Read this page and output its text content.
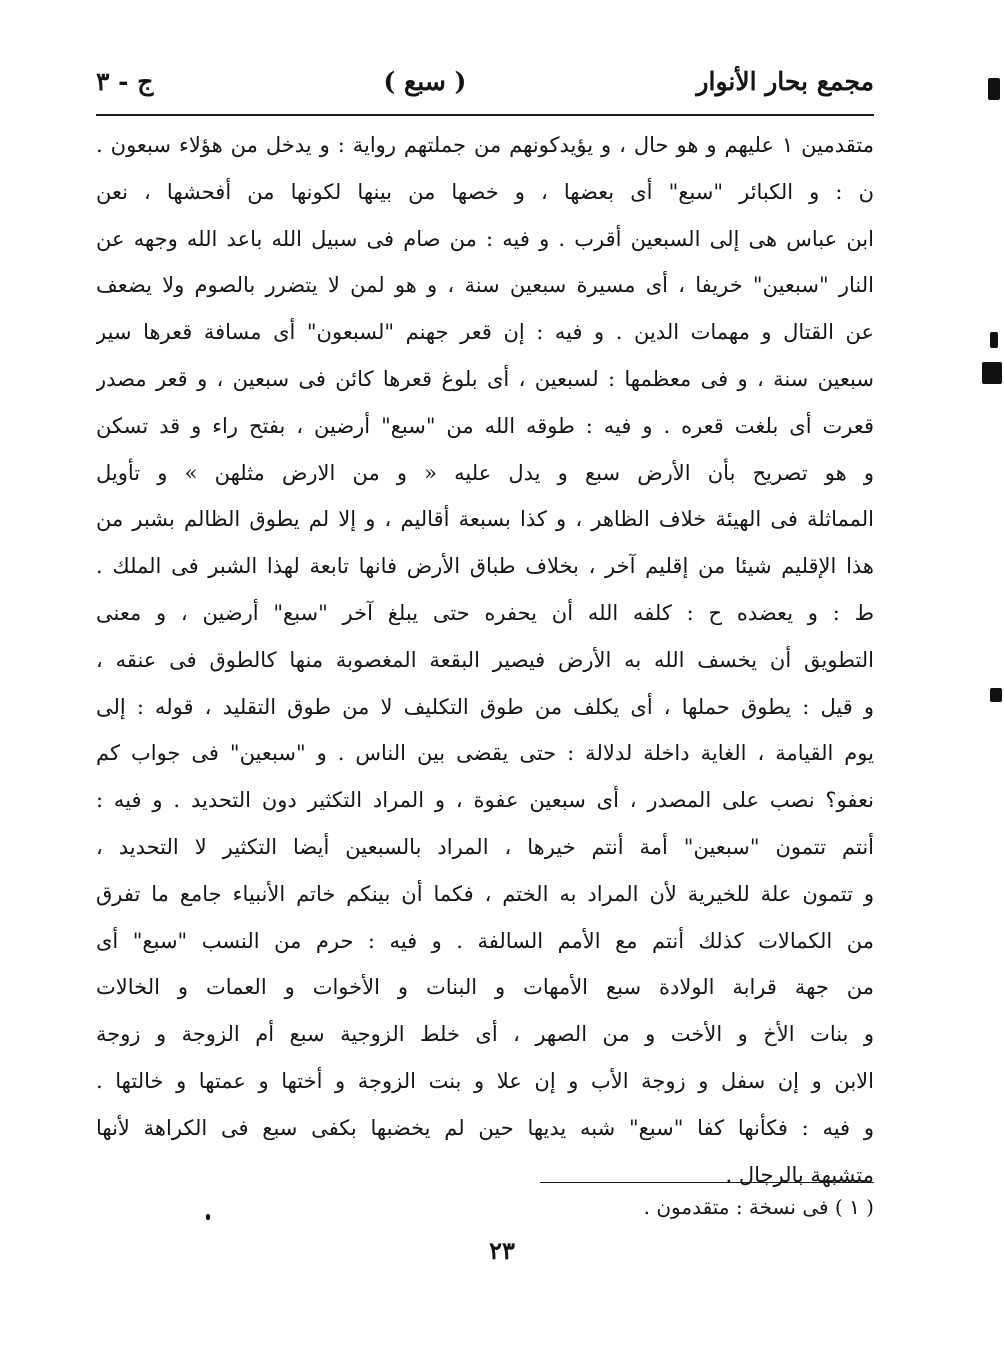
مجمع بحار الأنوار
( سبع )
ج - ٣
متقدمين ١ عليهم و هو حال ، و يؤيدكونهم من جملتهم رواية : و يدخل من هؤلاء سبعون .
ن : و الكبائر "سبع" أى بعضها ، و خصها من بينها لكونها من أفحشها ، نعن
ابن عباس هى إلى السبعين أقرب . و فيه : من صام فى سبيل الله باعد الله وجهه عن
النار "سبعين" خريفا ، أى مسيرة سبعين سنة ، و هو لمن لا يتضرر بالصوم ولا يضعف
عن القتال و مهمات الدين . و فيه : إن قعر جهنم "لسبعون" أى مسافة قعرها سير
سبعين سنة ، و فى معظمها : لسبعين ، أى بلوغ قعرها كائن فى سبعين ، و قعر مصدر
قعرت أى بلغت قعره . و فيه : طوقه الله من "سبع" أرضين ، بفتح راء و قد تسكن
و هو تصريح بأن الأرض سبع و يدل عليه « و من الارض مثلهن » و تأويل
المماثلة فى الهيئة خلاف الظاهر ، و كذا بسبعة أقاليم ، و إلا لم يطوق الظالم بشبر من
هذا الإقليم شيئا من إقليم آخر ، بخلاف طباق الأرض فانها تابعة لهذا الشبر فى الملك .
ط : و يعضده ح : كلفه الله أن يحفره حتى يبلغ آخر "سبع" أرضين ، و معنى
التطويق أن يخسف الله به الأرض فيصير البقعة المغصوبة منها كالطوق فى عنقه ،
و قيل : يطوق حملها ، أى يكلف من طوق التكليف لا من طوق التقليد ، قوله : إلى
يوم القيامة ، الغاية داخلة لدلالة : حتى يقضى بين الناس . و "سبعين" فى جواب كم
نعفو؟ نصب على المصدر ، أى سبعين عفوة ، و المراد التكثير دون التحديد . و فيه :
أنتم تتمون "سبعين" أمة أنتم خيرها ، المراد بالسبعين أيضا التكثير لا التحديد ،
و تتمون علة للخيرية لأن المراد به الختم ، فكما أن بينكم خاتم الأنبياء جامع ما تفرق
من الكمالات كذلك أنتم مع الأمم السالفة . و فيه : حرم من النسب "سبع" أى
من جهة قرابة الولادة سبع الأمهات و البنات و الأخوات و العمات و الخالات
و بنات الأخ و الأخت و من الصهر ، أى خلط الزوجية سبع أم الزوجة و زوجة
الابن و إن سفل و زوجة الأب و إن علا و بنت الزوجة و أختها و عمتها و خالتها .
و فيه : فكأنها كفا "سبع" شبه يديها حين لم يخضبها بكفى سبع فى الكراهة لأنها
متشبهة بالرجال .
( ١ ) فى نسخة : متقدمون .
٢٣
